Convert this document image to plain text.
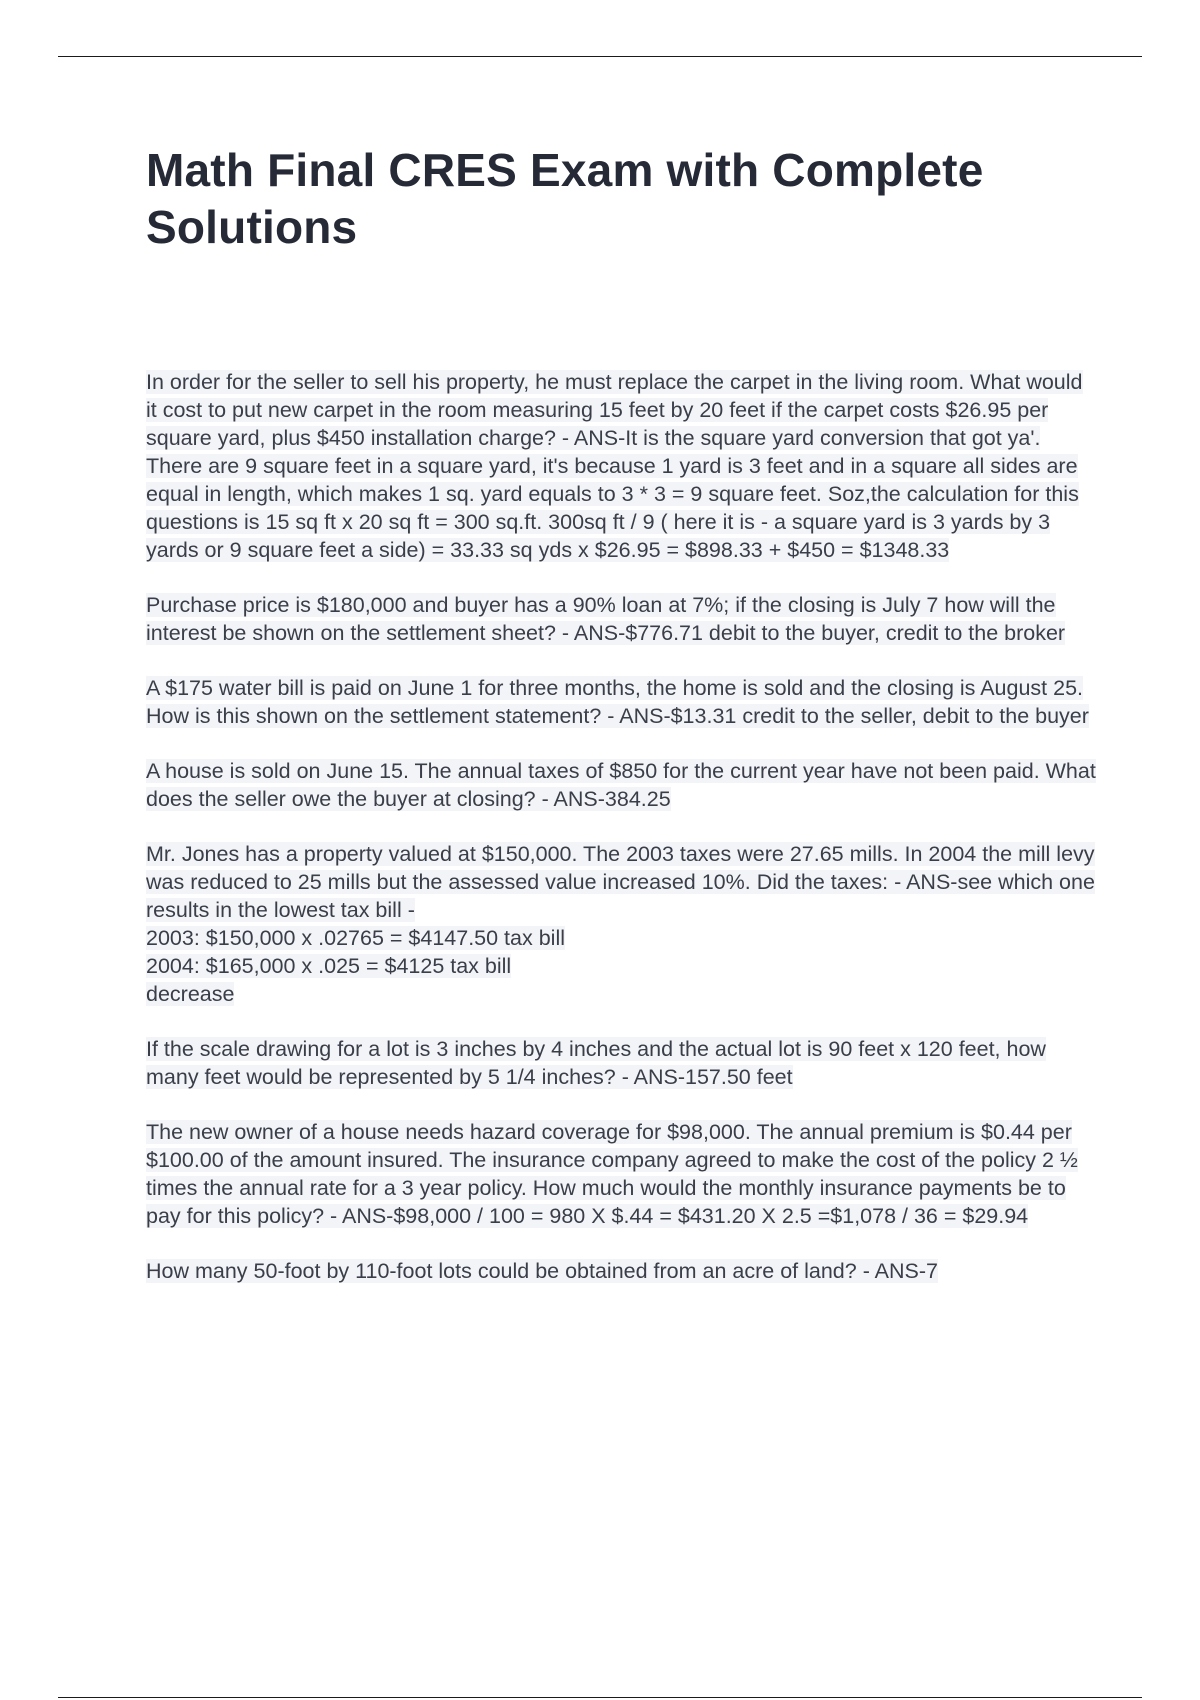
Math Final CRES Exam with Complete Solutions

In order for the seller to sell his property, he must replace the carpet in the living room. What would it cost to put new carpet in the room measuring 15 feet by 20 feet if the carpet costs $26.95 per square yard, plus $450 installation charge? - ANS-It is the square yard conversion that got ya'. There are 9 square feet in a square yard, it's because 1 yard is 3 feet and in a square all sides are equal in length, which makes 1 sq. yard equals to 3 * 3 = 9 square feet. Soz,the calculation for this questions is 15 sq ft x 20 sq ft = 300 sq.ft. 300sq ft / 9 ( here it is - a square yard is 3 yards by 3 yards or 9 square feet a side) = 33.33 sq yds x $26.95 = $898.33 + $450 = $1348.33

Purchase price is $180,000 and buyer has a 90% loan at 7%; if the closing is July 7 how will the interest be shown on the settlement sheet? - ANS-$776.71 debit to the buyer, credit to the broker

A $175 water bill is paid on June 1 for three months, the home is sold and the closing is August 25. How is this shown on the settlement statement? - ANS-$13.31 credit to the seller, debit to the buyer

A house is sold on June 15. The annual taxes of $850 for the current year have not been paid. What does the seller owe the buyer at closing? - ANS-384.25

Mr. Jones has a property valued at $150,000. The 2003 taxes were 27.65 mills. In 2004 the mill levy was reduced to 25 mills but the assessed value increased 10%. Did the taxes: - ANS-see which one results in the lowest tax bill -
2003: $150,000 x .02765 = $4147.50 tax bill
2004: $165,000 x .025 = $4125 tax bill
decrease

If the scale drawing for a lot is 3 inches by 4 inches and the actual lot is 90 feet x 120 feet, how many feet would be represented by 5 1/4 inches? - ANS-157.50 feet

The new owner of a house needs hazard coverage for $98,000. The annual premium is $0.44 per $100.00 of the amount insured. The insurance company agreed to make the cost of the policy 2 ½ times the annual rate for a 3 year policy. How much would the monthly insurance payments be to pay for this policy? - ANS-$98,000 / 100 = 980 X $.44 = $431.20 X 2.5 =$1,078 / 36 = $29.94

How many 50-foot by 110-foot lots could be obtained from an acre of land? - ANS-7
